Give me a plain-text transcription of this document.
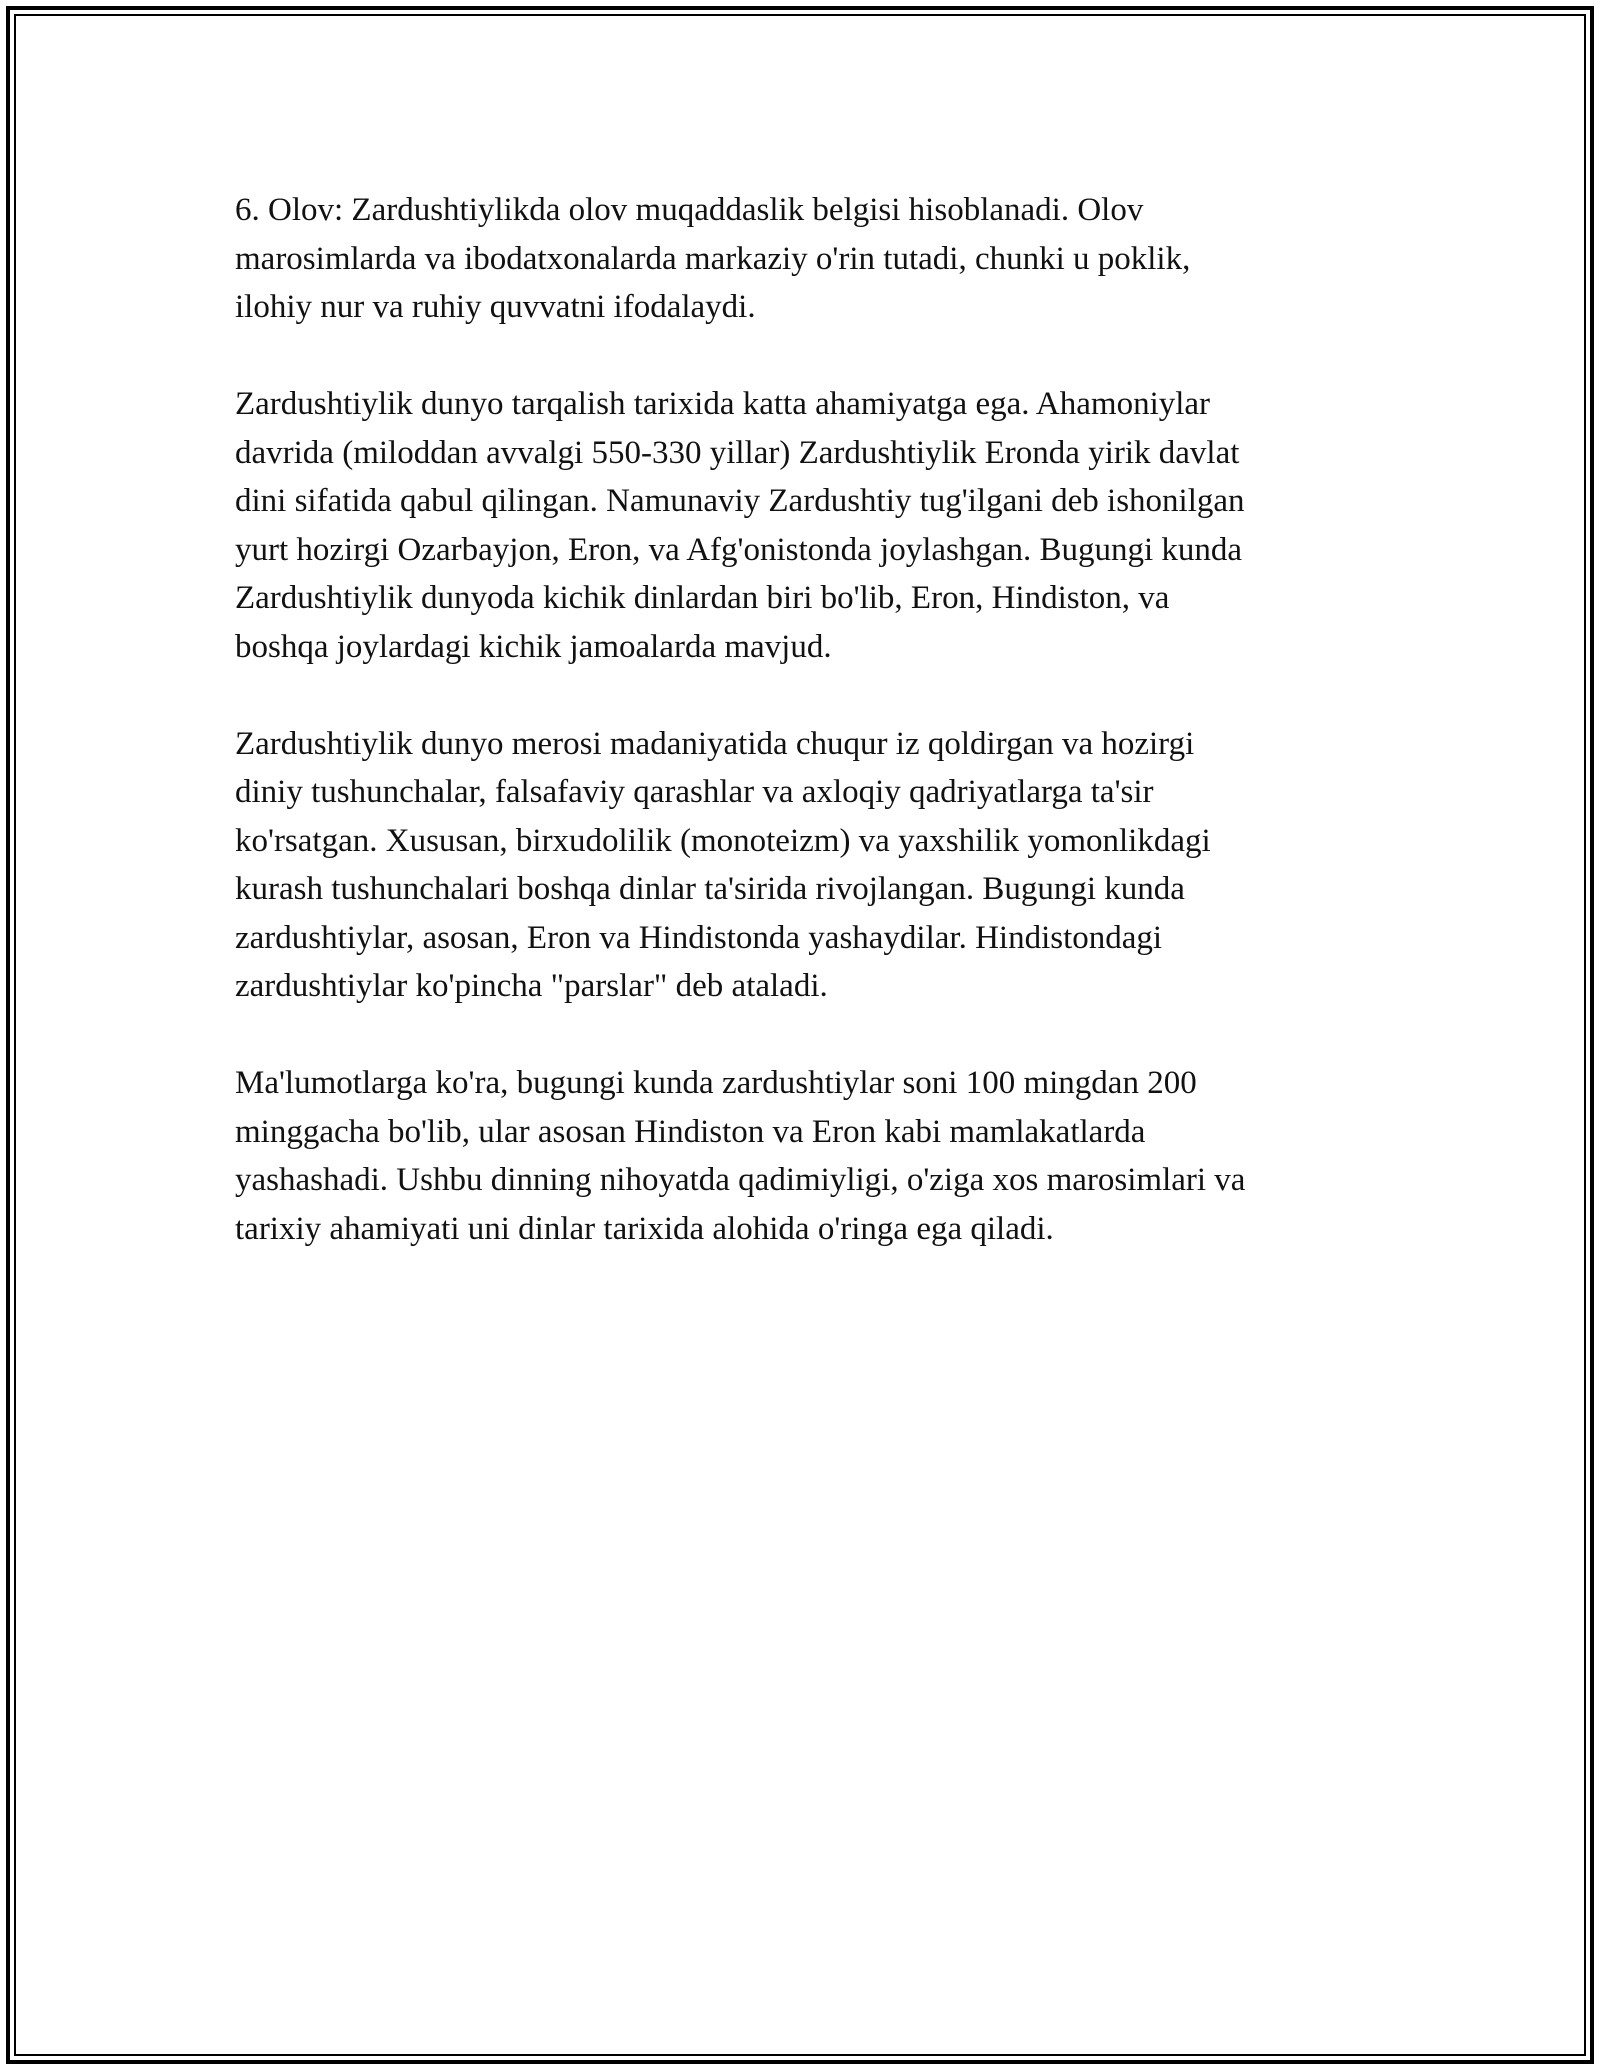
6. Olov: Zardushtiylikda olov muqaddaslik belgisi hisoblanadi. Olov
marosimlarda va ibodatxonalarda markaziy o'rin tutadi, chunki u poklik,
ilohiy nur va ruhiy quvvatni ifodalaydi.

Zardushtiylik dunyo tarqalish tarixida katta ahamiyatga ega. Ahamoniylar
davrida (miloddan avvalgi 550-330 yillar) Zardushtiylik Eronda yirik davlat
dini sifatida qabul qilingan. Namunaviy Zardushtiy tug'ilgani deb ishonilgan
yurt hozirgi Ozarbayjon, Eron, va Afg'onistonda joylashgan. Bugungi kunda
Zardushtiylik dunyoda kichik dinlardan biri bo'lib, Eron, Hindiston, va
boshqa joylardagi kichik jamoalarda mavjud.

Zardushtiylik dunyo merosi madaniyatida chuqur iz qoldirgan va hozirgi
diniy tushunchalar, falsafaviy qarashlar va axloqiy qadriyatlarga ta'sir
ko'rsatgan. Xususan, birxudolilik (monoteizm) va yaxshilik yomonlikdagi
kurash tushunchalari boshqa dinlar ta'sirida rivojlangan. Bugungi kunda
zardushtiylar, asosan, Eron va Hindistonda yashaydilar. Hindistondagi
zardushtiylar ko'pincha "parslar" deb ataladi.

Ma'lumotlarga ko'ra, bugungi kunda zardushtiylar soni 100 mingdan 200
minggacha bo'lib, ular asosan Hindiston va Eron kabi mamlakatlarda
yashashadi. Ushbu dinning nihoyatda qadimiyligi, o'ziga xos marosimlari va
tarixiy ahamiyati uni dinlar tarixida alohida o'ringa ega qiladi.
